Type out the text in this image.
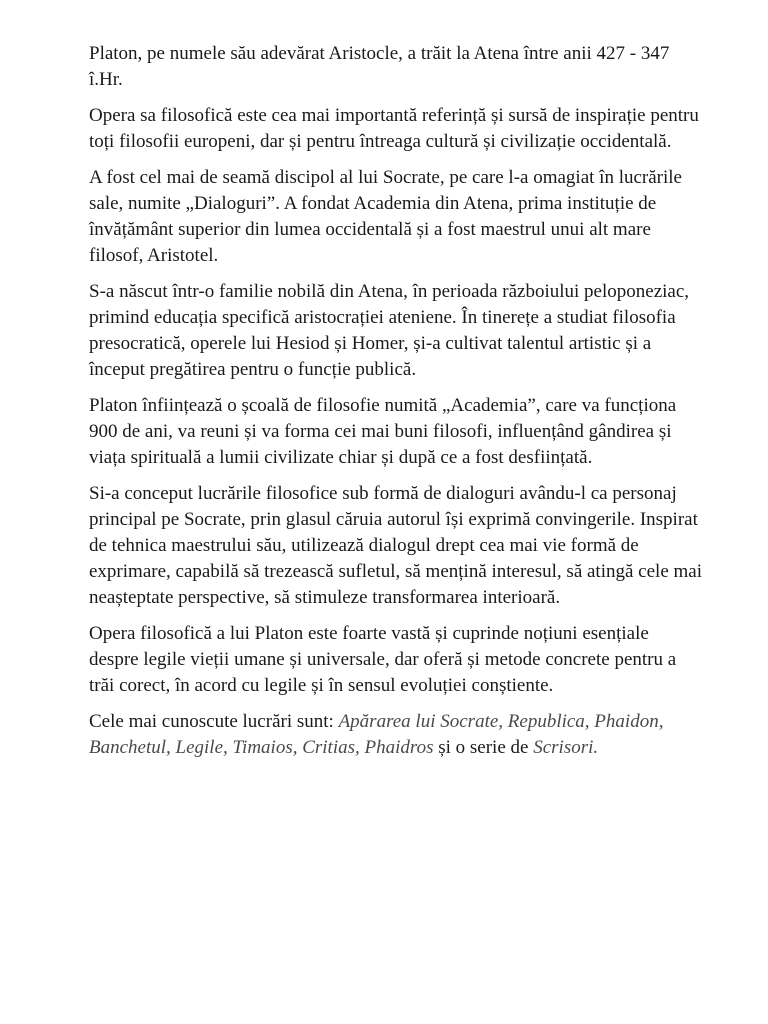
Platon, pe numele său adevărat Aristocle, a trăit la Atena între anii 427 - 347 î.Hr.

Opera sa filosofică este cea mai importantă referință și sursă de inspirație pentru toți filosofii europeni, dar și pentru întreaga cultură și civilizație occidentală.

A fost cel mai de seamă discipol al lui Socrate, pe care l-a omagiat în lucrările sale, numite „Dialoguri”. A fondat Academia din Atena, prima instituție de învățământ superior din lumea occidentală și a fost maestrul unui alt mare filosof, Aristotel.

S-a născut într-o familie nobilă din Atena, în perioada războiului peloponeziac, primind educația specifică aristocrației ateniene. În tinerețe a studiat filosofia presocratică, operele lui Hesiod și Homer, și-a cultivat talentul artistic și a început pregătirea pentru o funcție publică.

Platon înființează o școală de filosofie numită „Academia”, care va funcționa 900 de ani, va reuni și va forma cei mai buni filosofi, influențând gândirea și viața spirituală a lumii civilizate chiar și după ce a fost desființată.

Si-a conceput lucrările filosofice sub formă de dialoguri avându-l ca personaj principal pe Socrate, prin glasul căruia autorul își exprimă convingerile. Inspirat de tehnica maestrului său, utilizează dialogul drept cea mai vie formă de exprimare, capabilă să trezească sufletul, să mențină interesul, să atingă cele mai neașteptate perspective, să stimuleze transformarea interioară.

Opera filosofică a lui Platon este foarte vastă și cuprinde noțiuni esențiale despre legile vieții umane și universale, dar oferă și metode concrete pentru a trăi corect, în acord cu legile și în sensul evoluției conștiente.

Cele mai cunoscute lucrări sunt: Apărarea lui Socrate, Republica, Phaidon, Banchetul, Legile, Timaios, Critias, Phaidros și o serie de Scrisori.
